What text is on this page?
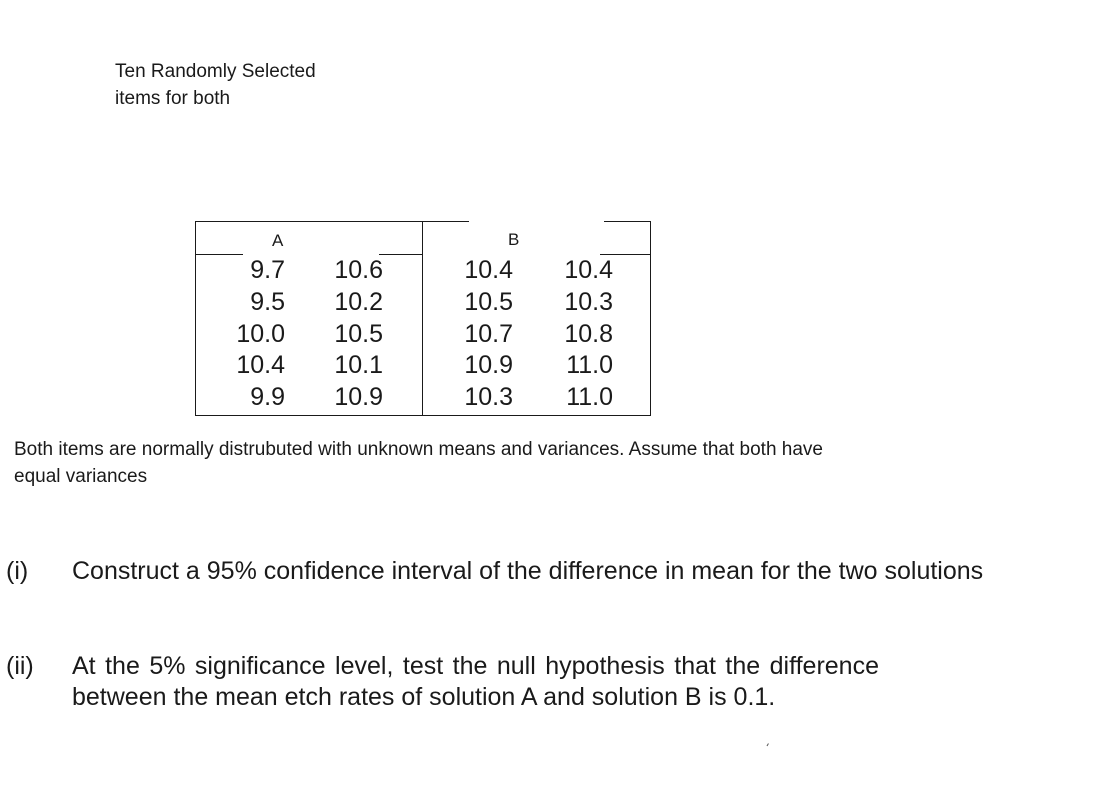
Ten Randomly Selected
items for both
A	B
9.7
9.5
10.0
10.4
9.9
10.6
10.2
10.5
10.1
10.9
10.4
10.5
10.7
10.9
10.3
10.4
10.3
10.8
11.0
11.0
Both items are normally distrubuted with unknown means and variances. Assume that both have
equal variances
(i) Construct a 95% confidence interval of the difference in mean for the two solutions
(ii) At the 5% significance level, test the null hypothesis that the difference between the mean etch rates of solution A and solution B is 0.1.
